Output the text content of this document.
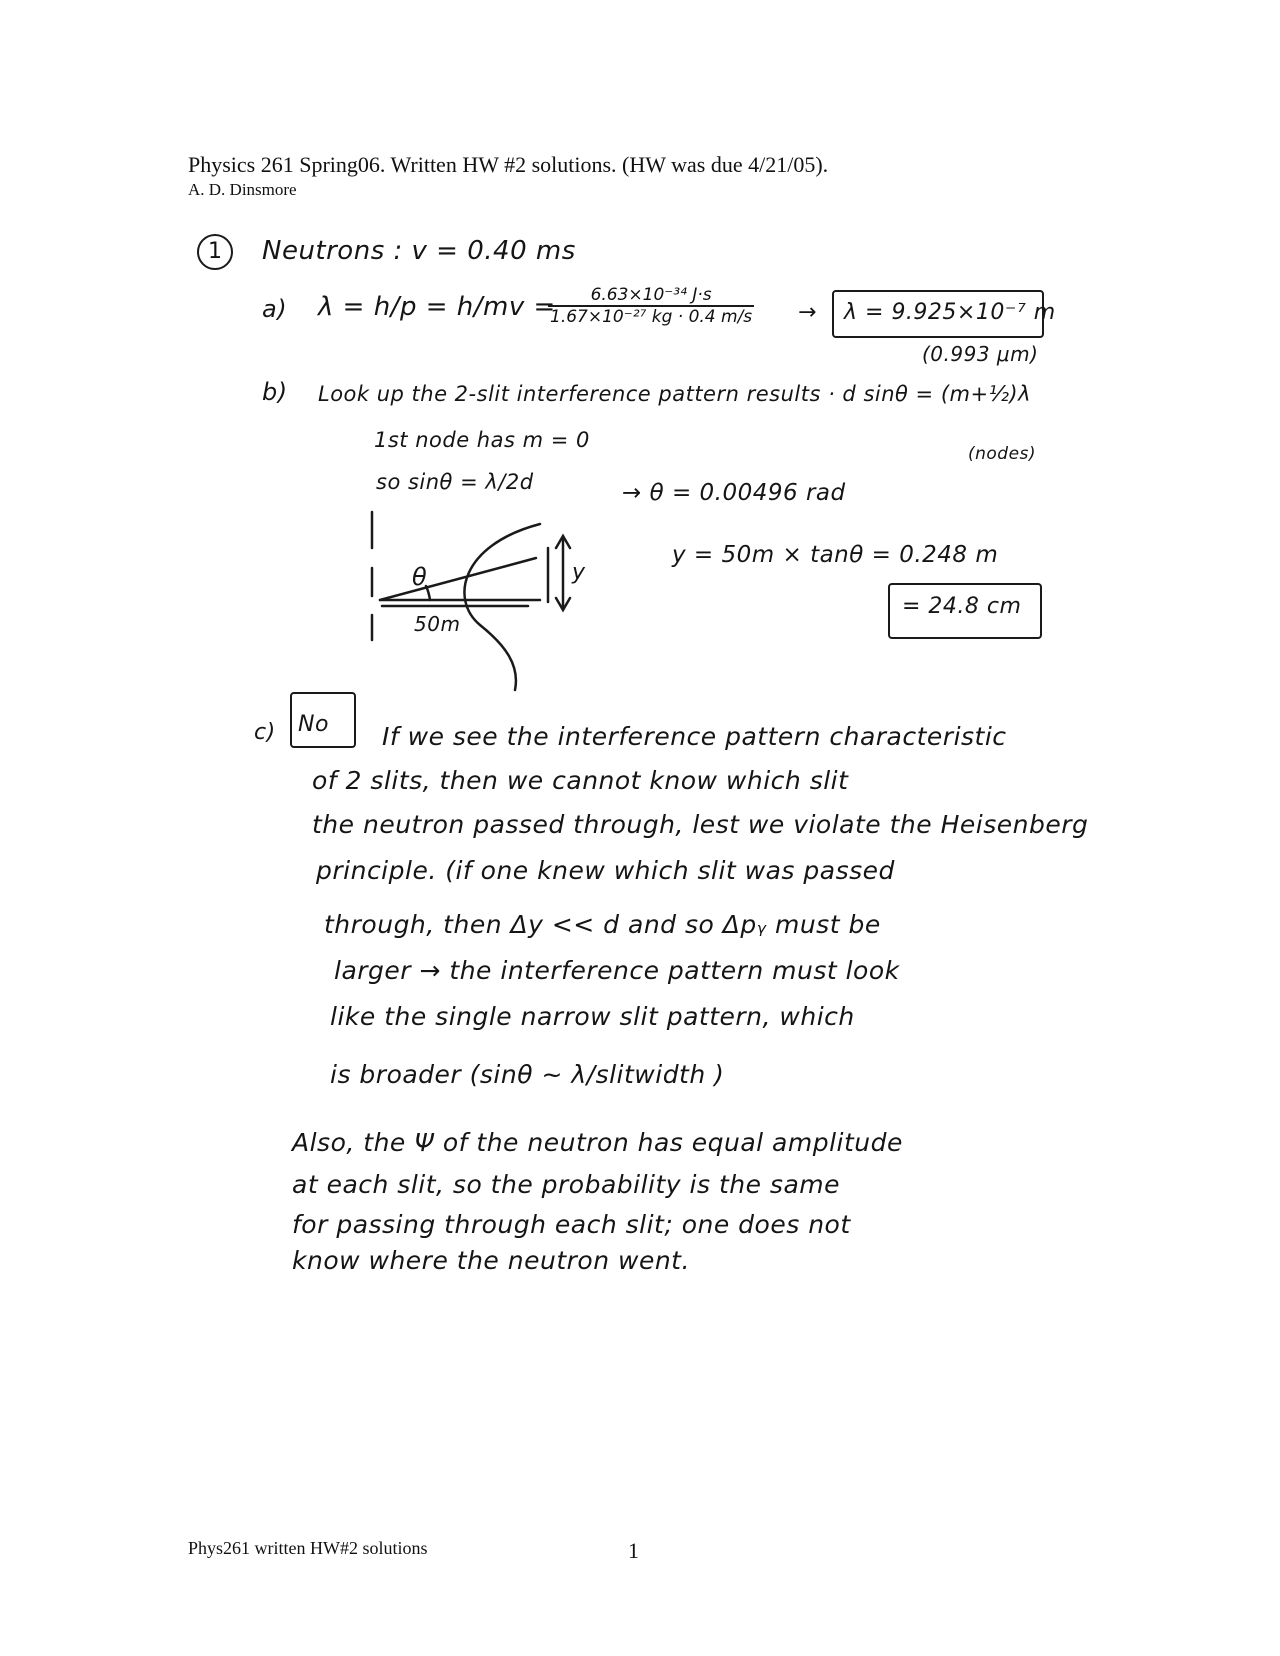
Physics 261 Spring06. Written HW #2 solutions. (HW was due 4/21/05).
A. D. Dinsmore
1	Neutrons : v = 0.40 ms
a) λ = h/p = h/mv =
$\frac{\text{6.63×10⁻³⁴ J·s}}{\text{1.67×10⁻²⁷ kg · 0.4 m/s}} \to \lambda = 9.925\times 10^{-7}$ m
(0.993 μm)
b) Look up the 2-slit interference pattern results · d sinθ = (m+½)λ
(nodes)
1st node has m = 0
so sinθ = λ/2d	→ θ = 0.00496 rad
y = 50m × tanθ = 0.248 m
= 24.8 cm
θ
50m
y
c) No If we see the interference pattern characteristic
of 2 slits, then we cannot know which slit
the neutron passed through, lest we violate the Heisenberg
principle. (if one knew which slit was passed
through, then Δy << d and so Δpᵧ must be
larger → the interference pattern must look
like the single narrow slit pattern, which
is broader (sinθ ~ λ/slitwidth )
Also, the Ψ of the neutron has equal amplitude
at each slit, so the probability is the same
for passing through each slit; one does not
know where the neutron went.
Phys261 written HW#2 solutions	1
